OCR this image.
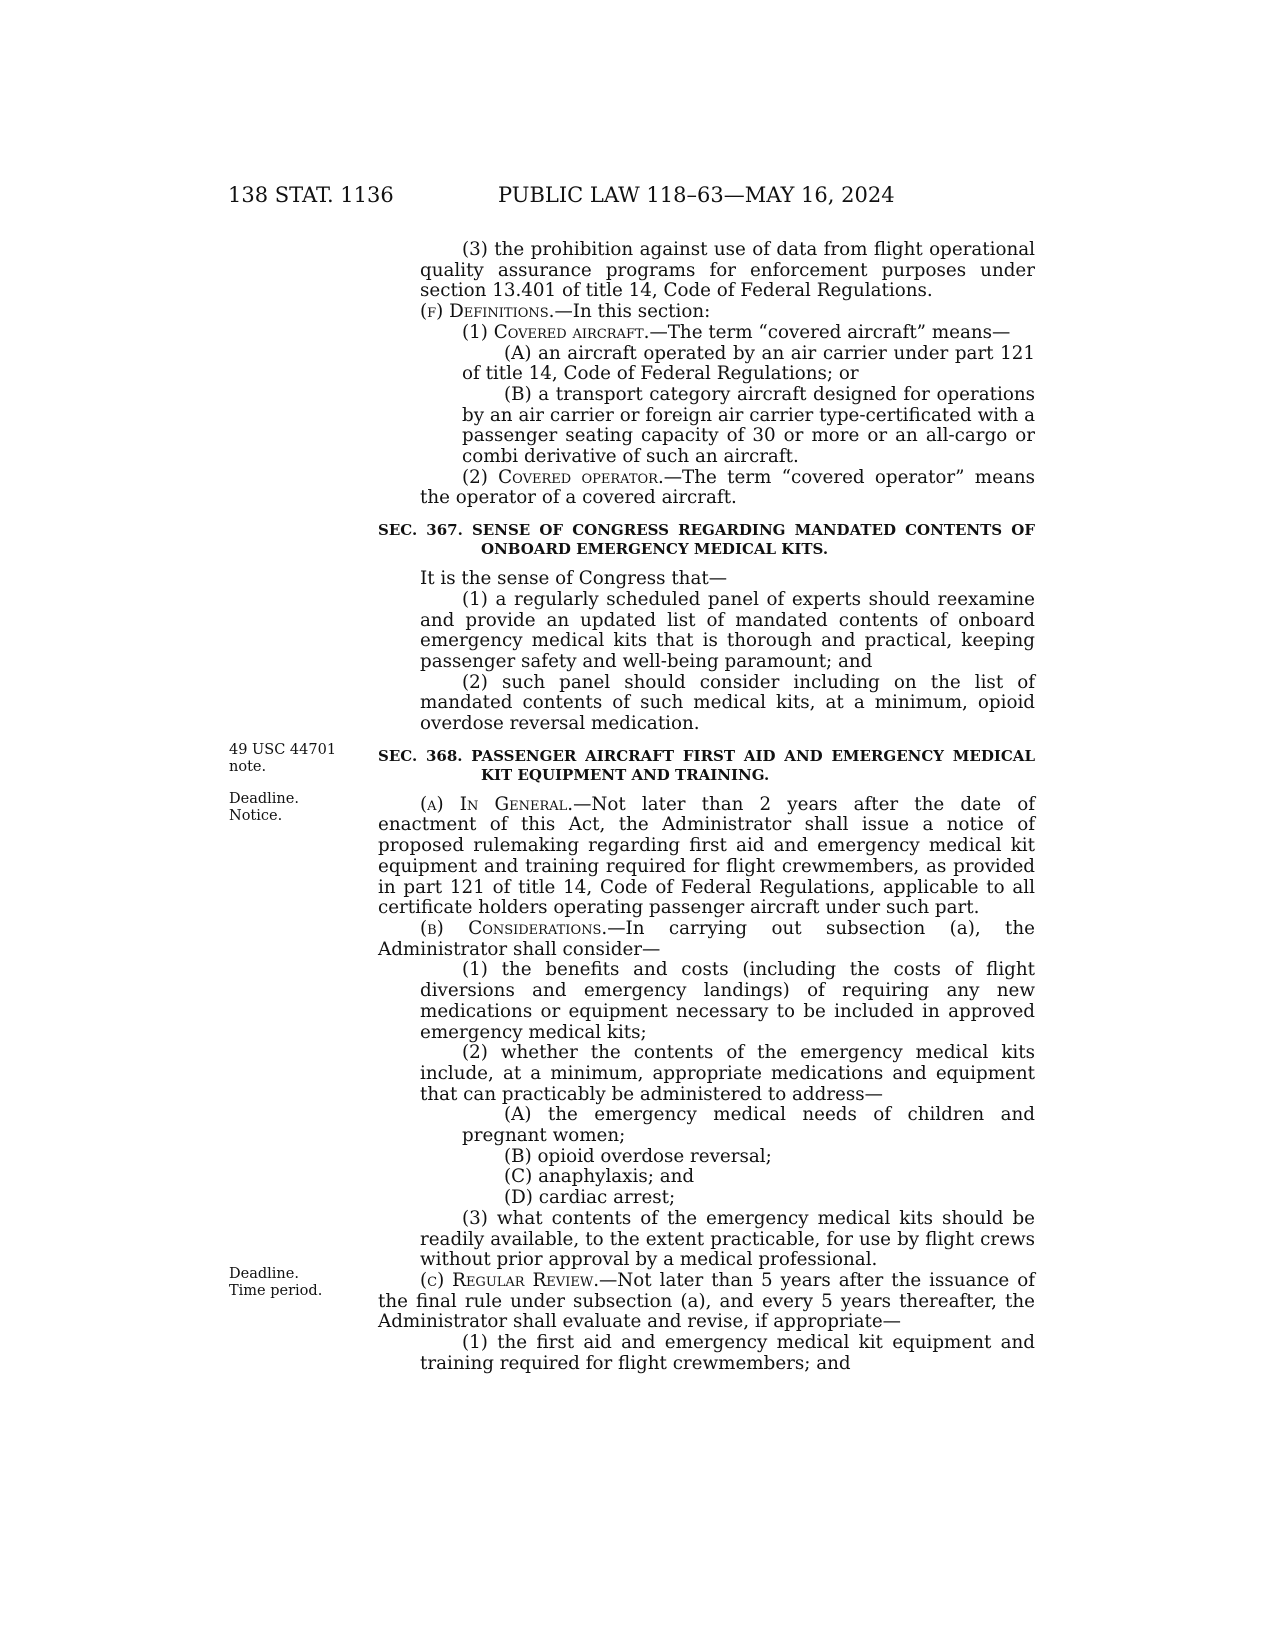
138 STAT. 1136	PUBLIC LAW 118–63—MAY 16, 2024
49 USC 44701
note.
Deadline.
Notice.
Deadline.
Time period.

(3) the prohibition against use of data from flight operational quality assurance programs for enforcement purposes under section 13.401 of title 14, Code of Federal Regulations.

(f) Definitions.—In this section:

(1) Covered aircraft.—The term “covered aircraft” means—

(A) an aircraft operated by an air carrier under part 121 of title 14, Code of Federal Regulations; or

(B) a transport category aircraft designed for operations by an air carrier or foreign air carrier type-certificated with a passenger seating capacity of 30 or more or an all-cargo or combi derivative of such an aircraft.

(2) Covered operator.—The term “covered operator” means the operator of a covered aircraft.

SEC. 367. SENSE OF CONGRESS REGARDING MANDATED CONTENTS OF ONBOARD EMERGENCY MEDICAL KITS.

It is the sense of Congress that—

(1) a regularly scheduled panel of experts should reexamine and provide an updated list of mandated contents of onboard emergency medical kits that is thorough and practical, keeping passenger safety and well-being paramount; and

(2) such panel should consider including on the list of mandated contents of such medical kits, at a minimum, opioid overdose reversal medication.

SEC. 368. PASSENGER AIRCRAFT FIRST AID AND EMERGENCY MEDICAL KIT EQUIPMENT AND TRAINING.

(a) In General.—Not later than 2 years after the date of enactment of this Act, the Administrator shall issue a notice of proposed rulemaking regarding first aid and emergency medical kit equipment and training required for flight crewmembers, as provided in part 121 of title 14, Code of Federal Regulations, applicable to all certificate holders operating passenger aircraft under such part.

(b) Considerations.—In carrying out subsection (a), the Administrator shall consider—

(1) the benefits and costs (including the costs of flight diversions and emergency landings) of requiring any new medications or equipment necessary to be included in approved emergency medical kits;

(2) whether the contents of the emergency medical kits include, at a minimum, appropriate medications and equipment that can practicably be administered to address—

(A) the emergency medical needs of children and pregnant women;

(B) opioid overdose reversal;

(C) anaphylaxis; and

(D) cardiac arrest;

(3) what contents of the emergency medical kits should be readily available, to the extent practicable, for use by flight crews without prior approval by a medical professional.

(c) Regular Review.—Not later than 5 years after the issuance of the final rule under subsection (a), and every 5 years thereafter, the Administrator shall evaluate and revise, if appropriate—

(1) the first aid and emergency medical kit equipment and training required for flight crewmembers; and
